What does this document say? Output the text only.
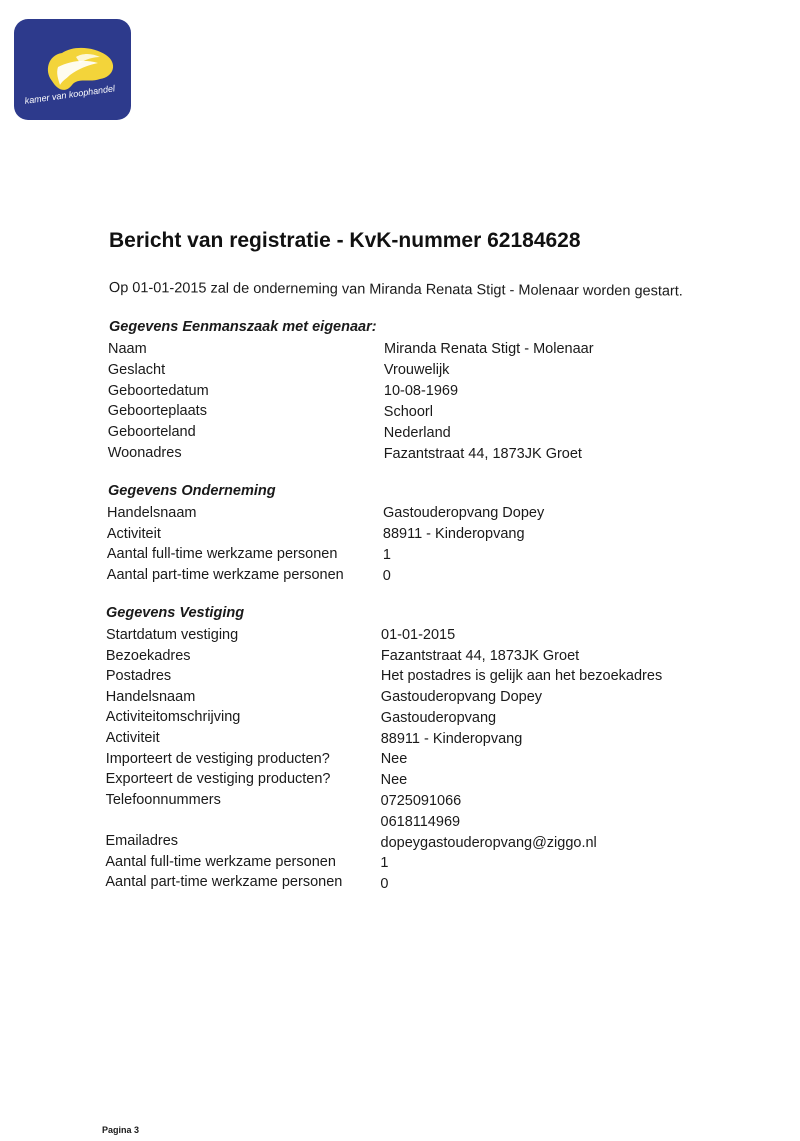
kamer van koophandel
Bericht van registratie - KvK-nummer 62184628
Op 01-01-2015 zal de onderneming van Miranda Renata Stigt - Molenaar worden gestart.
Gegevens Eenmanszaak met eigenaar:
Naam	Miranda Renata Stigt - Molenaar
Geslacht	Vrouwelijk
Geboortedatum	10-08-1969
Geboorteplaats	Schoorl
Geboorteland	Nederland
Woonadres	Fazantstraat 44, 1873JK Groet
Gegevens Onderneming
Handelsnaam	Gastouderopvang Dopey
Activiteit	88911 - Kinderopvang
Aantal full-time werkzame personen	1
Aantal part-time werkzame personen	0
Gegevens Vestiging
Startdatum vestiging	01-01-2015
Bezoekadres	Fazantstraat 44, 1873JK Groet
Postadres	Het postadres is gelijk aan het bezoekadres
Handelsnaam	Gastouderopvang Dopey
Activiteitomschrijving	Gastouderopvang
Activiteit	88911 - Kinderopvang
Importeert de vestiging producten?	Nee
Exporteert de vestiging producten?	Nee
Telefoonnummers	0725091066
0618114969
Emailadres	dopeygastouderopvang@ziggo.nl
Aantal full-time werkzame personen	1
Aantal part-time werkzame personen	0
Pagina 3
